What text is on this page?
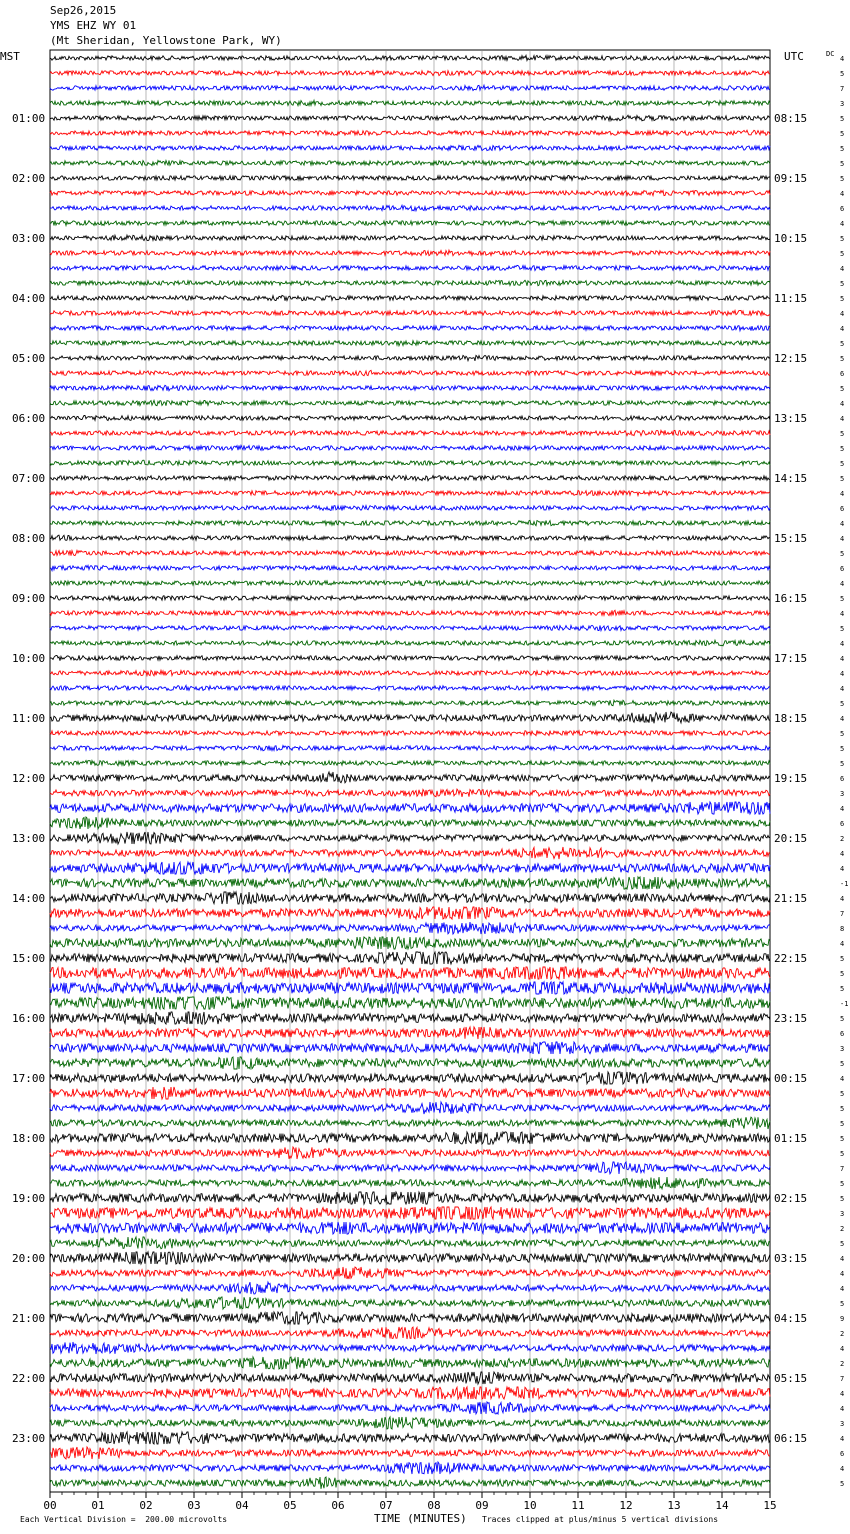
Sep26,2015
YMS EHZ WY 01
(Mt Sheridan, Yellowstone Park, WY)
MST	UTC	DC
00	01	02	03	04	05	06	07	08	09	10	11	12	13	14	15
4
5
7
3
5
5
5
5
5
4
6
4
5
5
4
5
5
4
4
5
5
6
5
4
4
5
5
5
5
4
6
4
4
5
6
4
5
4
5
4
4
4
4
5
4
5
5
5
6
3
4
6
2
4
4
-1
4
7
8
4
5
5
5
-1
5
6
3
5
4
5
5
5
5
5
7
5
5
3
2
5
4
4
4
5
9
2
4
2
7
4
4
3
4
6
4
5
01:00
02:00
03:00
04:00
05:00
06:00
07:00
08:00
09:00
10:00
11:00
12:00
13:00
14:00
15:00
16:00
17:00
18:00
19:00
20:00
21:00
22:00
23:00
08:15
09:15
10:15
11:15
12:15
13:15
14:15
15:15
16:15
17:15
18:15
19:15
20:15
21:15
22:15
23:15
00:15
01:15
02:15
03:15
04:15
05:15
06:15
Each Vertical Division =  200.00 microvolts	TIME (MINUTES) Traces clipped at plus/minus 5 vertical divisions
